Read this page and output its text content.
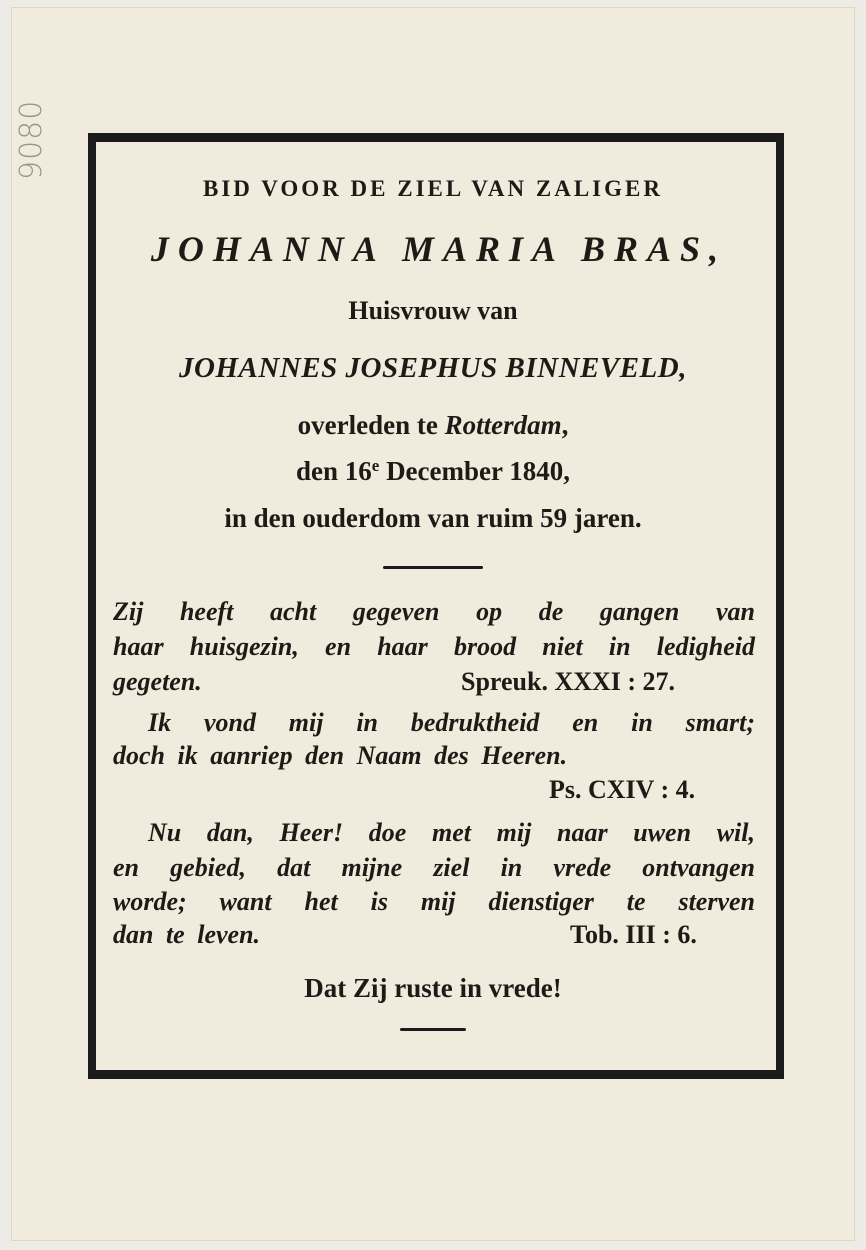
9080
BID VOOR DE ZIEL VAN ZALIGER
JOHANNA MARIA BRAS,
Huisvrouw van
JOHANNES JOSEPHUS BINNEVELD,
overleden te Rotterdam,
den 16e December 1840,
in den ouderdom van ruim 59 jaren.
Zij heeft acht gegeven op de gangen van
haar huisgezin, en haar brood niet in ledigheid
gegeten.	Spreuk. XXXI : 27.
Ik vond mij in bedruktheid en in smart;
doch ik aanriep den Naam des Heeren.
Ps. CXIV : 4.
Nu dan, Heer! doe met mij naar uwen wil,
en gebied, dat mijne ziel in vrede ontvangen
worde; want het is mij dienstiger te sterven
dan te leven.	Tob. III : 6.
Dat Zij ruste in vrede!
